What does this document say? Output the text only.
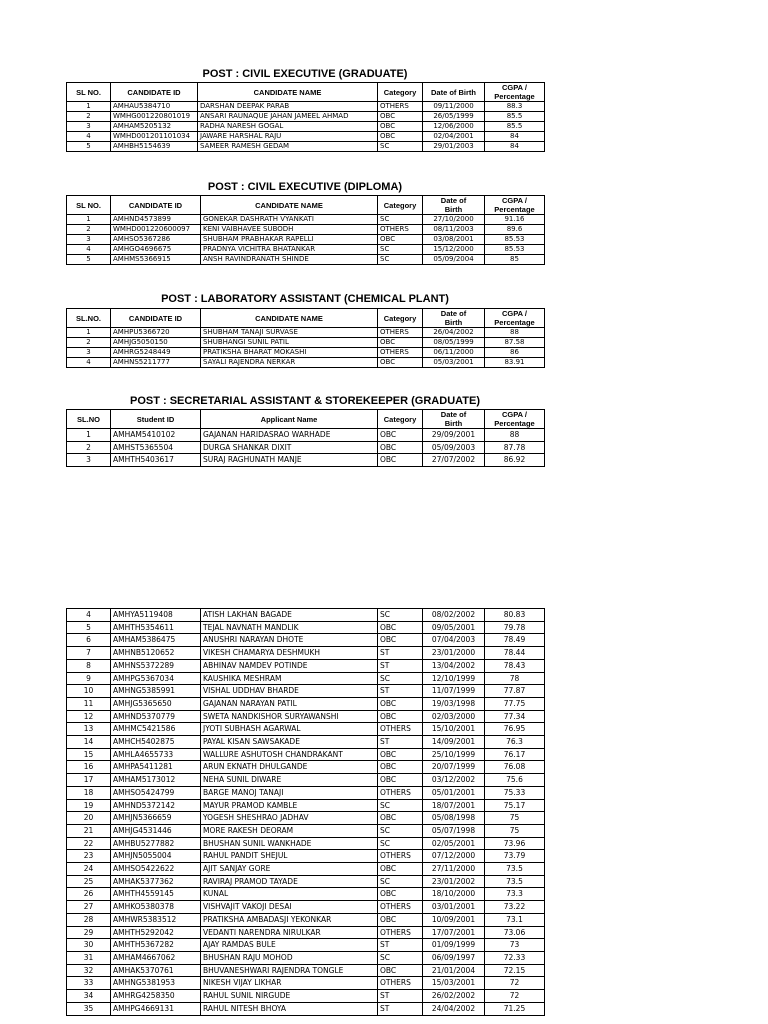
POST : CIVIL EXECUTIVE (GRADUATE)
SL NO.	CANDIDATE ID	CANDIDATE NAME	Category	Date of Birth	CGPA /
Percentage
1	AMHAU5384710	DARSHAN DEEPAK PARAB	OTHERS	09/11/2000	88.3
2	WMHG001220801019	ANSARI RAUNAQUE JAHAN JAMEEL AHMAD	OBC	26/05/1999	85.5
3	AMHAM5205132	RADHA NARESH GOGAL	OBC	12/06/2000	85.5
4	WMHD001201101034	JAWARE HARSHAL RAJU	OBC	02/04/2001	84
5	AMHBH5154639	SAMEER RAMESH GEDAM	SC	29/01/2003	84
POST : CIVIL EXECUTIVE (DIPLOMA)
SL NO.	CANDIDATE ID	CANDIDATE NAME	Category	Date of
Birth	CGPA /
Percentage
1	AMHND4573899	GONEKAR DASHRATH VYANKATI	SC	27/10/2000	91.16
2	WMHD001220600097	KENI VAIBHAVEE SUBODH	OTHERS	08/11/2003	89.6
3	AMHSO5367286	SHUBHAM PRABHAKAR RAPELLI	OBC	03/08/2001	85.53
4	AMHGO4696675	PRADNYA VICHITRA BHATANKAR	SC	15/12/2000	85.53
5	AMHMS5366915	ANSH RAVINDRANATH SHINDE	SC	05/09/2004	85
POST : LABORATORY ASSISTANT (CHEMICAL PLANT)
SL.NO.	CANDIDATE ID	CANDIDATE NAME	Category	Date of
Birth	CGPA /
Percentage
1	AMHPU5366720	SHUBHAM TANAJI SURVASE	OTHERS	26/04/2002	88
2	AMHJG5050150	SHUBHANGI SUNIL PATIL	OBC	08/05/1999	87.58
3	AMHRG5248449	PRATIKSHA BHARAT MOKASHI	OTHERS	06/11/2000	86
4	AMHNS5211777	SAYALI RAJENDRA NERKAR	OBC	05/03/2001	83.91
POST : SECRETARIAL ASSISTANT & STOREKEEPER (GRADUATE)
SL.NO	Student ID	Applicant Name	Category	Date of
Birth	CGPA /
Percentage
1	AMHAM5410102	GAJANAN HARIDASRAO WARHADE	OBC	29/09/2001	88
2	AMHST5365504	DURGA SHANKAR DIXIT	OBC	05/09/2003	87.78
3	AMHTH5403617	SURAJ RAGHUNATH MANJE	OBC	27/07/2002	86.92
4	AMHYA5119408	ATISH LAKHAN BAGADE	SC	08/02/2002	80.83
5	AMHTH5354611	TEJAL NAVNATH MANDLIK	OBC	09/05/2001	79.78
6	AMHAM5386475	ANUSHRI NARAYAN DHOTE	OBC	07/04/2003	78.49
7	AMHNB5120652	VIKESH CHAMARYA DESHMUKH	ST	23/01/2000	78.44
8	AMHNS5372289	ABHINAV NAMDEV POTINDE	ST	13/04/2002	78.43
9	AMHPG5367034	KAUSHIKA MESHRAM	SC	12/10/1999	78
10	AMHNG5385991	VISHAL UDDHAV BHARDE	ST	11/07/1999	77.87
11	AMHJG5365650	GAJANAN NARAYAN PATIL	OBC	19/03/1998	77.75
12	AMHND5370779	SWETA NANDKISHOR SURYAWANSHI	OBC	02/03/2000	77.34
13	AMHMC5421586	JYOTI SUBHASH AGARWAL	OTHERS	15/10/2001	76.95
14	AMHCH5402875	PAYAL KISAN SAWSAKADE	ST	14/09/2001	76.3
15	AMHLA4655733	WALLURE ASHUTOSH CHANDRAKANT	OBC	25/10/1999	76.17
16	AMHPA5411281	ARUN EKNATH DHULGANDE	OBC	20/07/1999	76.08
17	AMHAM5173012	NEHA SUNIL DIWARE	OBC	03/12/2002	75.6
18	AMHSO5424799	BARGE MANOJ TANAJI	OTHERS	05/01/2001	75.33
19	AMHND5372142	MAYUR PRAMOD KAMBLE	SC	18/07/2001	75.17
20	AMHJN5366659	YOGESH SHESHRAO JADHAV	OBC	05/08/1998	75
21	AMHJG4531446	MORE RAKESH DEORAM	SC	05/07/1998	75
22	AMHBU5277882	BHUSHAN SUNIL WANKHADE	SC	02/05/2001	73.96
23	AMHJN5055004	RAHUL PANDIT SHEJUL	OTHERS	07/12/2000	73.79
24	AMHSO5422622	AJIT SANJAY GORE	OBC	27/11/2000	73.5
25	AMHAK5377362	RAVIRAJ PRAMOD TAYADE	SC	23/01/2002	73.5
26	AMHTH4559145	KUNAL	OBC	18/10/2000	73.3
27	AMHKO5380378	VISHVAJIT VAKOJI DESAI	OTHERS	03/01/2001	73.22
28	AMHWR5383512	PRATIKSHA AMBADASJI YEKONKAR	OBC	10/09/2001	73.1
29	AMHTH5292042	VEDANTI NARENDRA NIRULKAR	OTHERS	17/07/2001	73.06
30	AMHTH5367282	AJAY RAMDAS BULE	ST	01/09/1999	73
31	AMHAM4667062	BHUSHAN RAJU MOHOD	SC	06/09/1997	72.33
32	AMHAK5370761	BHUVANESHWARI RAJENDRA TONGLE	OBC	21/01/2004	72.15
33	AMHNG5381953	NIKESH VIJAY LIKHAR	OTHERS	15/03/2001	72
34	AMHRG4258350	RAHUL SUNIL NIRGUDE	ST	26/02/2002	72
35	AMHPG4669131	RAHUL NITESH BHOYA	ST	24/04/2002	71.25
